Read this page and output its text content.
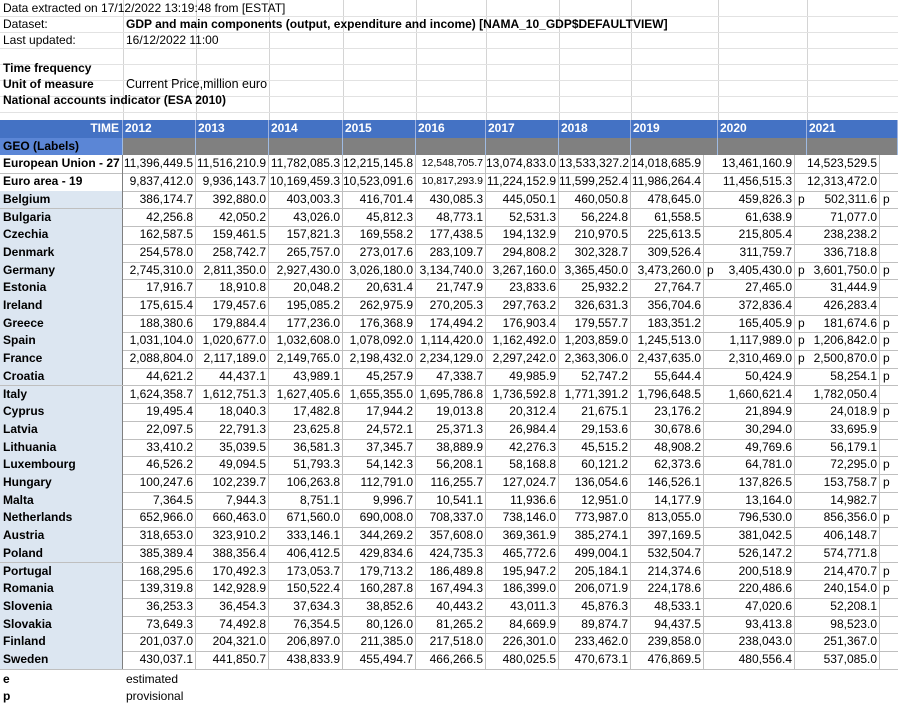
Data extracted on 17/12/2022 13:19:48 from [ESTAT]
Dataset:	GDP and main components (output, expenditure and income) [NAMA_10_GDP$DEFAULTVIEW]
Last updated:	16/12/2022 11:00
Time frequency
Unit of measure	Current Price,million euro
National accounts indicator (ESA 2010)
TIME 2012	2013	2014	2015	2016	2017	2018	2019	2020	2021
GEO (Labels)
European Union - 27 11,396,449.5 11,516,210.9 11,782,085.3 12,215,145.8 12,548,705.7 13,074,833.0 13,533,327.2 14,018,685.9	13,461,160.9 14,523,529.5
Euro area - 19	9,837,412.0 9,936,143.7 10,169,459.3 10,523,091.6 10,817,293.9 11,224,152.9 11,599,252.4 11,986,264.4	11,456,515.3 12,313,472.0
Belgium	386,174.7	392,880.0	403,003.3	416,701.4	430,085.3	445,050.1	460,050.8	478,645.0	459,826.3 p	502,311.6 p
Bulgaria	42,256.8	42,050.2	43,026.0	45,812.3	48,773.1	52,531.3	56,224.8	61,558.5	61,638.9	71,077.0
Czechia	162,587.5	159,461.5	157,821.3	169,558.2	177,438.5	194,132.9	210,970.5	225,613.5	215,805.4	238,238.2
Denmark	254,578.0	258,742.7	265,757.0	273,017.6	283,109.7	294,808.2	302,328.7	309,526.4	311,759.7	336,718.8
Germany	2,745,310.0 2,811,350.0 2,927,430.0 3,026,180.0 3,134,740.0 3,267,160.0 3,365,450.0 3,473,260.0 p	3,405,430.0 p 3,601,750.0 p
Estonia	17,916.7	18,910.8	20,048.2	20,631.4	21,747.9	23,833.6	25,932.2	27,764.7	27,465.0	31,444.9
Ireland	175,615.4	179,457.6	195,085.2	262,975.9	270,205.3	297,763.2	326,631.3	356,704.6	372,836.4	426,283.4
Greece	188,380.6	179,884.4	177,236.0	176,368.9	174,494.2	176,903.4	179,557.7	183,351.2	165,405.9 p	181,674.6 p
Spain	1,031,104.0 1,020,677.0 1,032,608.0 1,078,092.0 1,114,420.0 1,162,492.0 1,203,859.0 1,245,513.0	1,117,989.0 p 1,206,842.0 p
France	2,088,804.0 2,117,189.0 2,149,765.0 2,198,432.0 2,234,129.0 2,297,242.0 2,363,306.0 2,437,635.0	2,310,469.0 p 2,500,870.0 p
Croatia	44,621.2	44,437.1	43,989.1	45,257.9	47,338.7	49,985.9	52,747.2	55,644.4	50,424.9	58,254.1 p
Italy	1,624,358.7 1,612,751.3 1,627,405.6 1,655,355.0 1,695,786.8 1,736,592.8 1,771,391.2 1,796,648.5	1,660,621.4	1,782,050.4
Cyprus	19,495.4	18,040.3	17,482.8	17,944.2	19,013.8	20,312.4	21,675.1	23,176.2	21,894.9	24,018.9 p
Latvia	22,097.5	22,791.3	23,625.8	24,572.1	25,371.3	26,984.4	29,153.6	30,678.6	30,294.0	33,695.9
Lithuania	33,410.2	35,039.5	36,581.3	37,345.7	38,889.9	42,276.3	45,515.2	48,908.2	49,769.6	56,179.1
Luxembourg	46,526.2	49,094.5	51,793.3	54,142.3	56,208.1	58,168.8	60,121.2	62,373.6	64,781.0	72,295.0 p
Hungary	100,247.6	102,239.7	106,263.8	112,791.0	116,255.7	127,024.7	136,054.6	146,526.1	137,826.5	153,758.7 p
Malta	7,364.5	7,944.3	8,751.1	9,996.7	10,541.1	11,936.6	12,951.0	14,177.9	13,164.0	14,982.7
Netherlands	652,966.0	660,463.0	671,560.0	690,008.0	708,337.0	738,146.0	773,987.0	813,055.0	796,530.0	856,356.0 p
Austria	318,653.0	323,910.2	333,146.1	344,269.2	357,608.0	369,361.9	385,274.1	397,169.5	381,042.5	406,148.7
Poland	385,389.4	388,356.4	406,412.5	429,834.6	424,735.3	465,772.6	499,004.1	532,504.7	526,147.2	574,771.8
Portugal	168,295.6	170,492.3	173,053.7	179,713.2	186,489.8	195,947.2	205,184.1	214,374.6	200,518.9	214,470.7 p
Romania	139,319.8	142,928.9	150,522.4	160,287.8	167,494.3	186,399.0	206,071.9	224,178.6	220,486.6	240,154.0 p
Slovenia	36,253.3	36,454.3	37,634.3	38,852.6	40,443.2	43,011.3	45,876.3	48,533.1	47,020.6	52,208.1
Slovakia	73,649.3	74,492.8	76,354.5	80,126.0	81,265.2	84,669.9	89,874.7	94,437.5	93,413.8	98,523.0
Finland	201,037.0	204,321.0	206,897.0	211,385.0	217,518.0	226,301.0	233,462.0	239,858.0	238,043.0	251,367.0
Sweden	430,037.1	441,850.7	438,833.9	455,494.7	466,266.5	480,025.5	470,673.1	476,869.5	480,556.4	537,085.0
e	estimated
p	provisional
